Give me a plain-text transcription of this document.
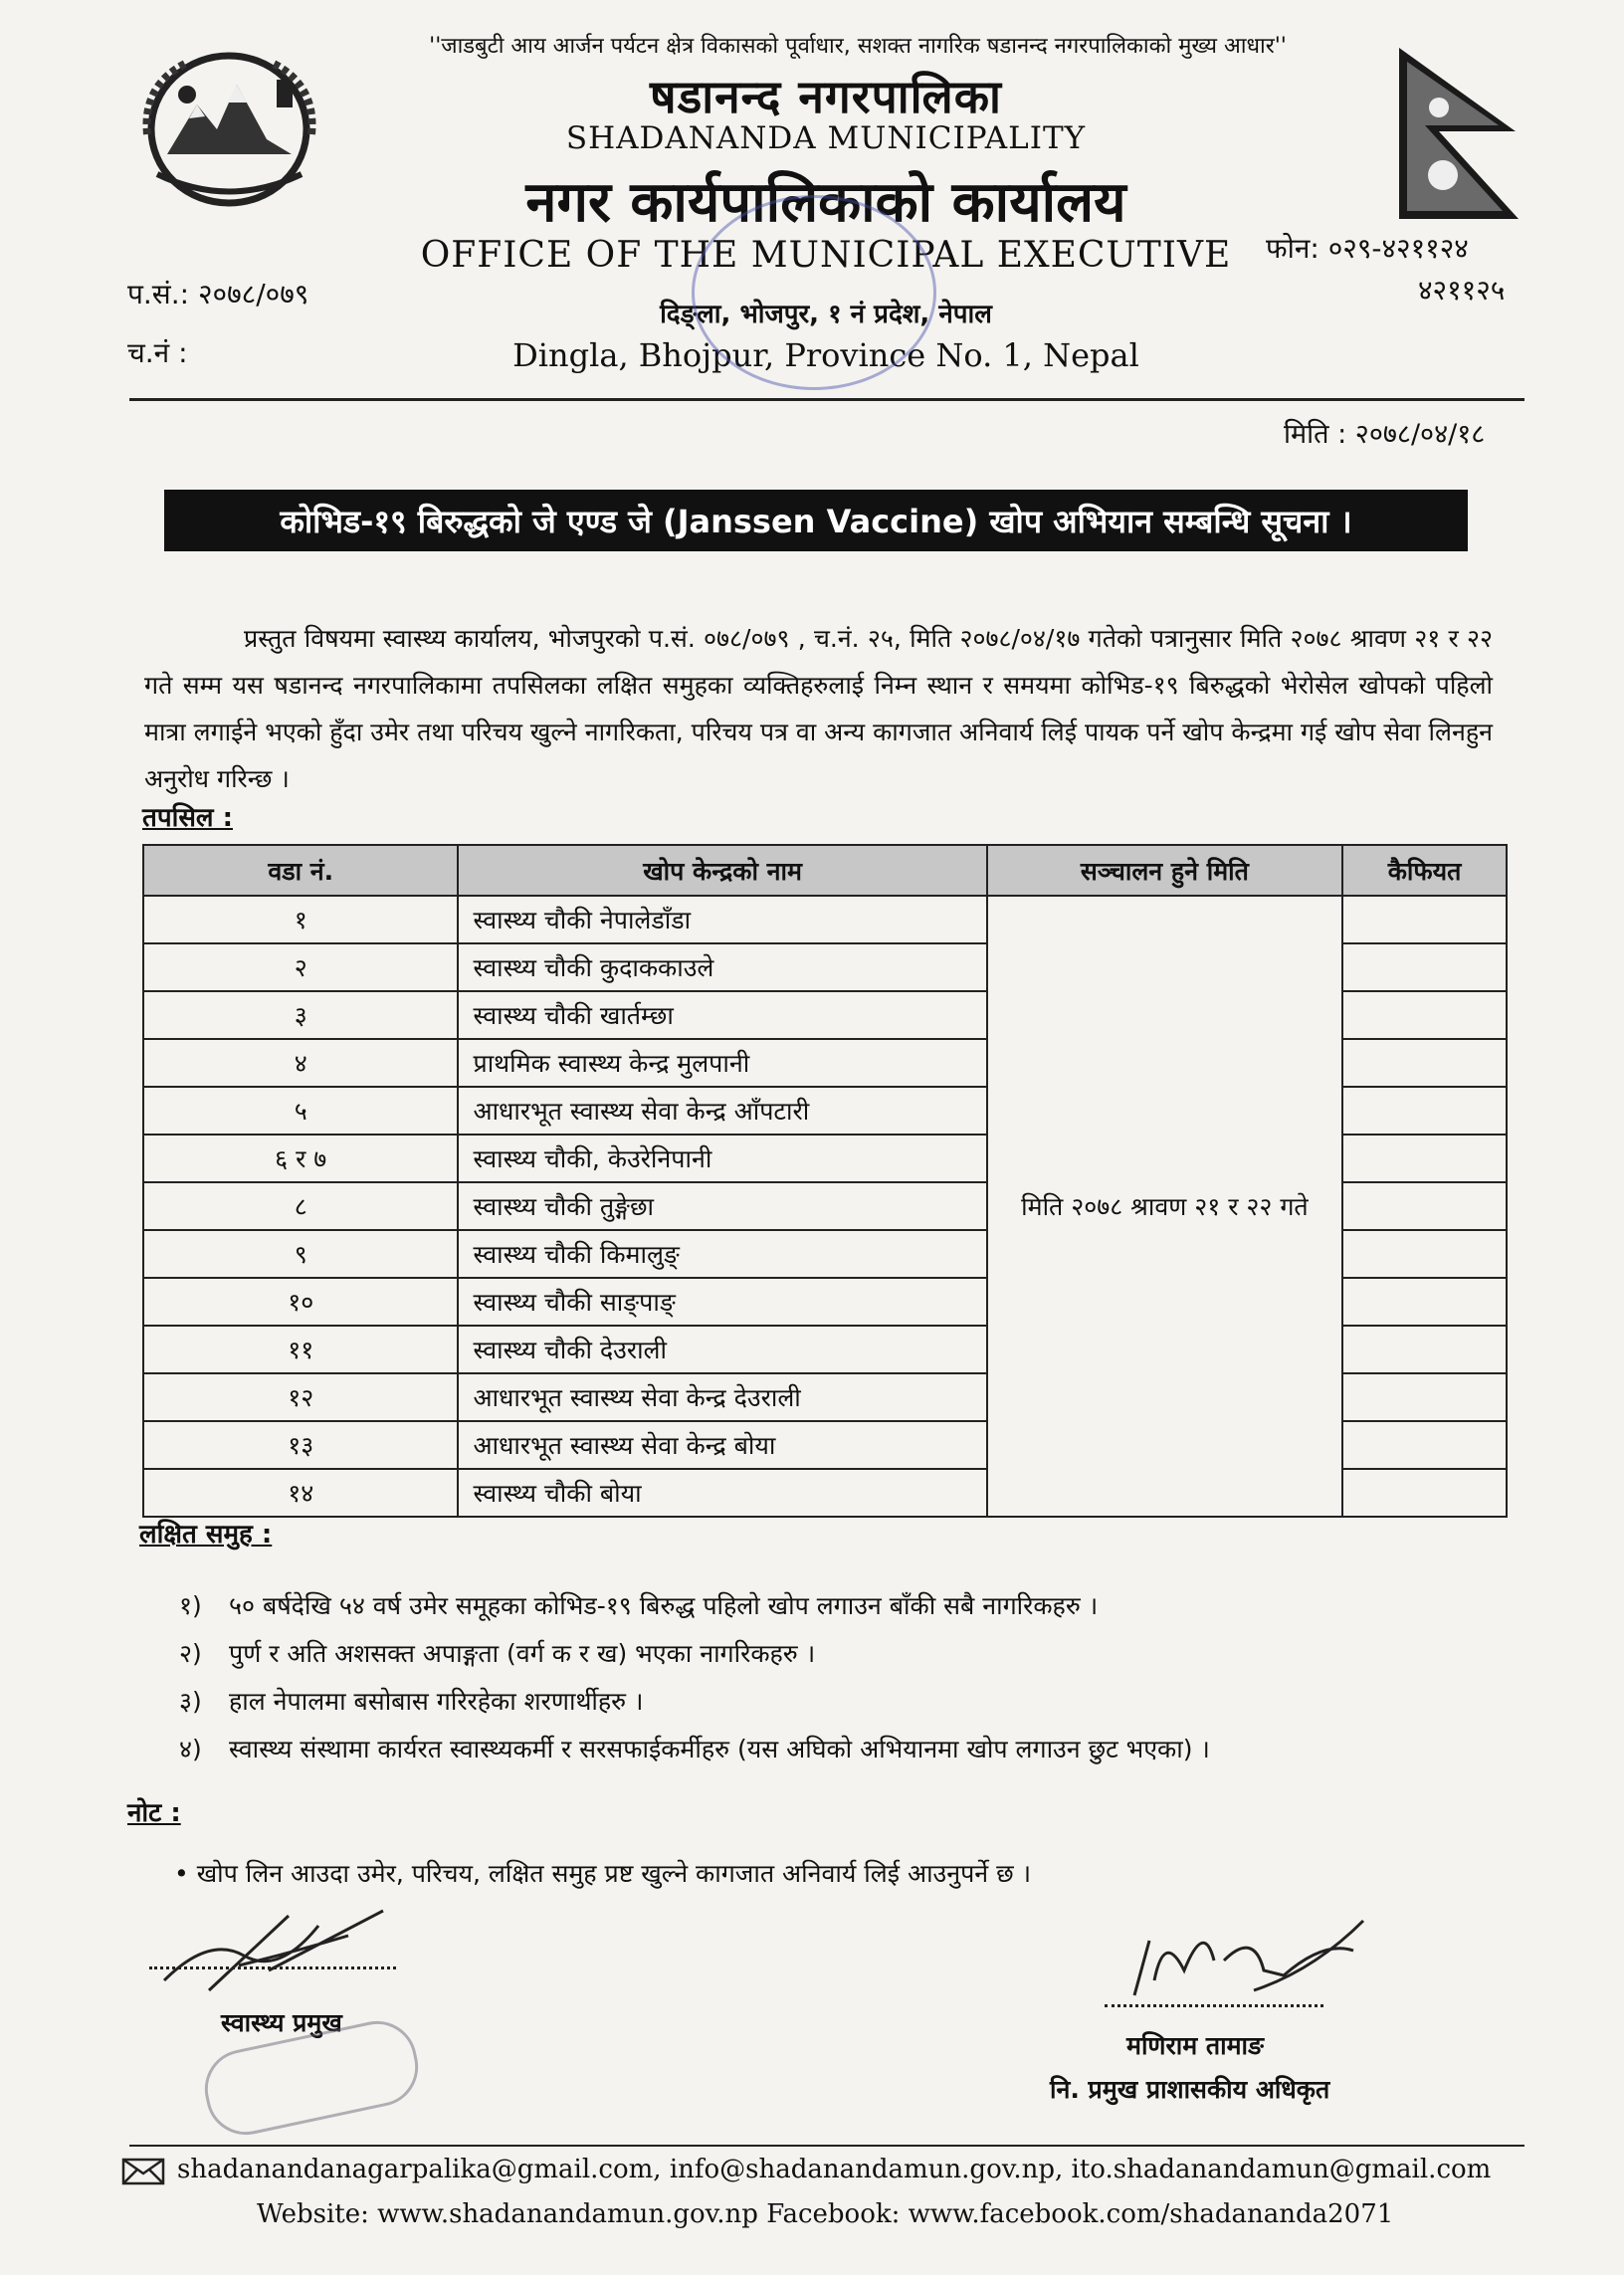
''जाडबुटी आय आर्जन पर्यटन क्षेत्र विकासको पूर्वाधार, सशक्त नागरिक षडानन्द नगरपालिकाको मुख्य आधार''
षडानन्द नगरपालिका
SHADANANDA MUNICIPALITY
नगर कार्यपालिकाको कार्यालय
OFFICE OF THE MUNICIPAL EXECUTIVE
दिङ्ला, भोजपुर, १ नं प्रदेश, नेपाल
Dingla, Bhojpur, Province No. 1, Nepal
प.सं.: २०७८/०७९
च.नं :
फोन: ०२९-४२११२४
४२११२५
मिति : २०७८/०४/१८
कोभिड-१९ बिरुद्धको जे एण्ड जे (Janssen Vaccine) खोप अभियान सम्बन्धि सूचना ।
प्रस्तुत विषयमा स्वास्थ्य कार्यालय, भोजपुरको प.सं. ०७८/०७९ , च.नं. २५, मिति २०७८/०४/१७ गतेको पत्रानुसार मिति २०७८ श्रावण २१ र २२ गते सम्म यस षडानन्द नगरपालिकामा तपसिलका लक्षित समुहका व्यक्तिहरुलाई निम्न स्थान र समयमा कोभिड-१९ बिरुद्धको भेरोसेल खोपको पहिलो मात्रा लगाईने भएको हुँदा उमेर तथा परिचय खुल्ने नागरिकता, परिचय पत्र वा अन्य कागजात अनिवार्य लिई पायक पर्ने खोप केन्द्रमा गई खोप सेवा लिनहुन अनुरोध गरिन्छ ।
तपसिल :
वडा नं.	खोप केन्द्रको नाम	सञ्चालन हुने मिति	कैफियत
१	स्वास्थ्य चौकी नेपालेडाँडा	मिति २०७८ श्रावण २१ र २२ गते	
२	स्वास्थ्य चौकी कुदाककाउले		
३	स्वास्थ्य चौकी खार्तम्छा		
४	प्राथमिक स्वास्थ्य केन्द्र मुलपानी		
५	आधारभूत स्वास्थ्य सेवा केन्द्र आँपटारी		
६ र ७	स्वास्थ्य चौकी, केउरेनिपानी		
८	स्वास्थ्य चौकी तुङ्गेछा		
९	स्वास्थ्य चौकी किमालुङ्		
१०	स्वास्थ्य चौकी साङ्पाङ्		
११	स्वास्थ्य चौकी देउराली		
१२	आधारभूत स्वास्थ्य सेवा केन्द्र देउराली		
१३	आधारभूत स्वास्थ्य सेवा केन्द्र बोया		
१४	स्वास्थ्य चौकी बोया		
लक्षित समुह :
१) ५० बर्षदेखि ५४ वर्ष उमेर समूहका कोभिड-१९ बिरुद्ध पहिलो खोप लगाउन बाँकी सबै नागरिकहरु ।
२) पुर्ण र अति अशसक्त अपाङ्गता (वर्ग क र ख) भएका नागरिकहरु ।
३) हाल नेपालमा बसोबास गरिरहेका शरणार्थीहरु ।
४) स्वास्थ्य संस्थामा कार्यरत स्वास्थ्यकर्मी र सरसफाईकर्मीहरु (यस अघिको अभियानमा खोप लगाउन छुट भएका) ।
नोट :
• खोप लिन आउदा उमेर, परिचय, लक्षित समुह प्रष्ट खुल्ने कागजात अनिवार्य लिई आउनुपर्ने छ ।
स्वास्थ्य प्रमुख
मणिराम तामाङ
नि. प्रमुख प्राशासकीय अधिकृत
shadanandanagarpalika@gmail.com, info@shadanandamun.gov.np, ito.shadanandamun@gmail.com
Website: www.shadanandamun.gov.np Facebook: www.facebook.com/shadananda2071
